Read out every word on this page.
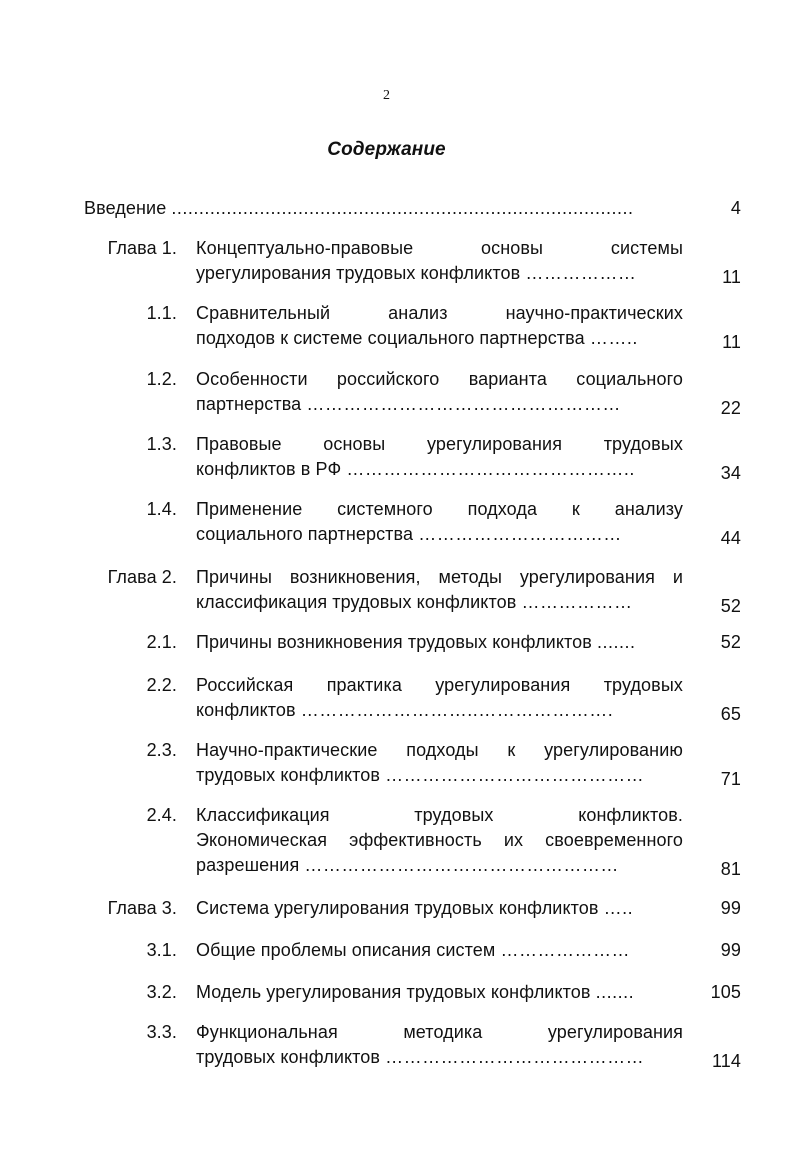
2
Содержание
Введение ....................................................................................	4
Глава 1. Концептуально-правовые	основы	системы
урегулирования трудовых конфликтов ………………	11
1.1. Сравнительный	анализ	научно-практических
подходов к системе социального партнерства ……..	11
1.2. Особенности российского варианта социального
партнерства ……………………………………………	22
1.3. Правовые основы урегулирования трудовых
конфликтов в РФ ………………………………………..	34
1.4. Применение системного подхода к анализу
социального партнерства ……………………………	44
Глава 2. Причины возникновения, методы урегулирования и
классификация трудовых конфликтов ………………	52
2.1. Причины возникновения трудовых конфликтов .......	52
2.2. Российская практика урегулирования трудовых
конфликтов ………………………..………………….	65
2.3. Научно-практические подходы к урегулированию
трудовых конфликтов ……………………………………	71
2.4. Классификация	трудовых	конфликтов.
Экономическая эффективность их своевременного
разрешения ……………………………………………	81
Глава 3. Система урегулирования трудовых конфликтов …..	99
3.1. Общие проблемы описания систем …………………	99
3.2. Модель урегулирования трудовых конфликтов .......	105
3.3. Функциональная	методика	урегулирования
трудовых конфликтов ……………………………………	114
